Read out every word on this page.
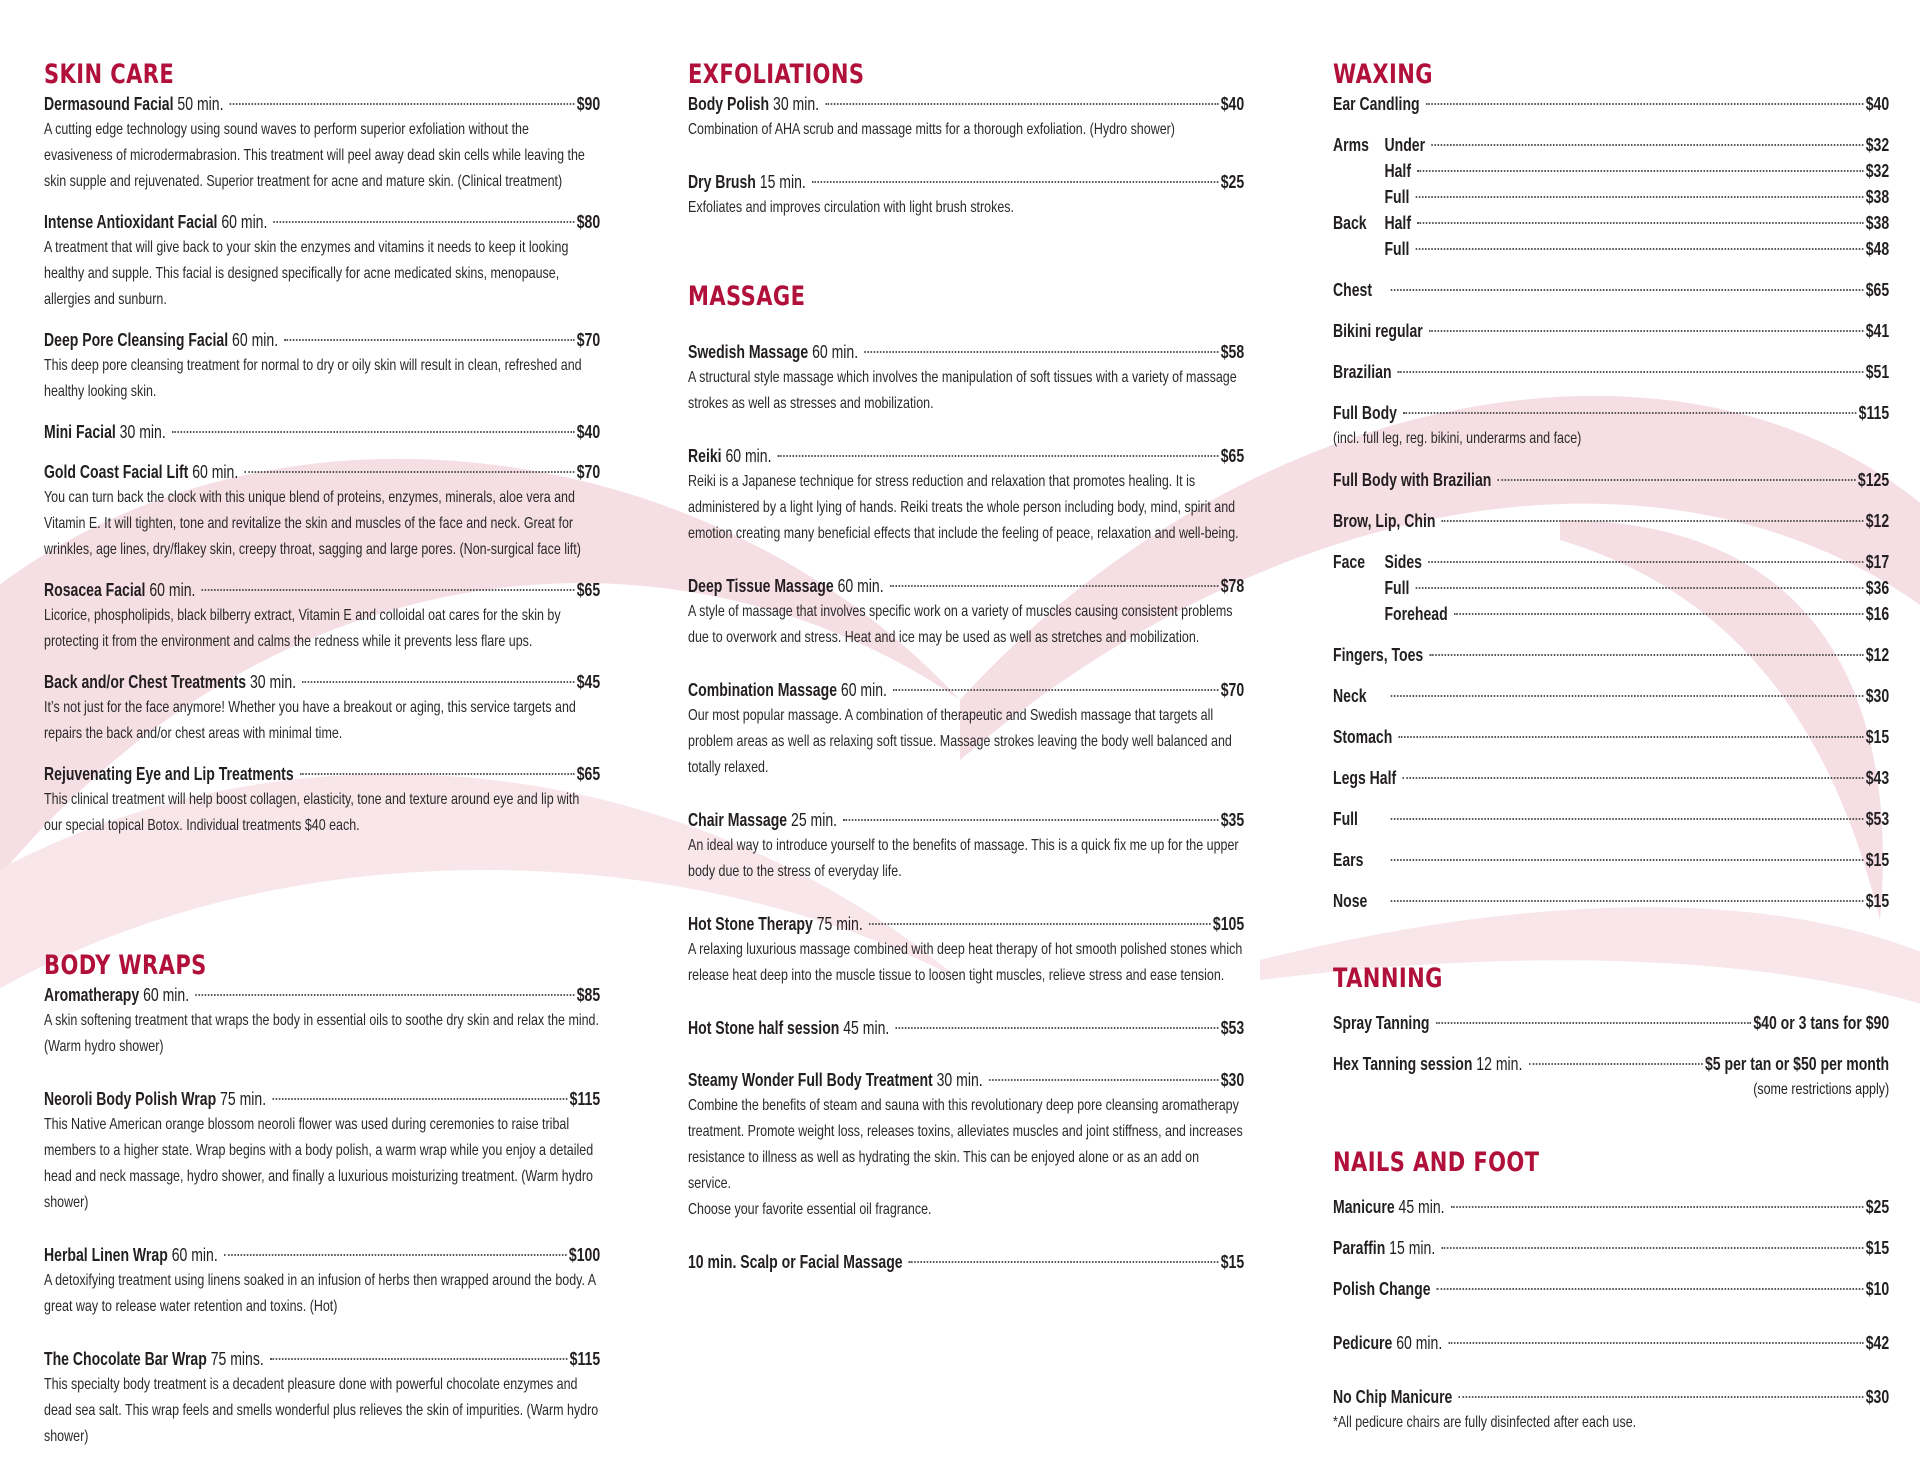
SKIN CARE
Dermasound Facial 50 min.	$90
A cutting edge technology using sound waves to perform superior exfoliation without the evasiveness of microdermabrasion. This treatment will peel away dead skin cells while leaving the skin supple and rejuvenated. Superior treatment for acne and mature skin. (Clinical treatment)
Intense Antioxidant Facial 60 min.	$80
A treatment that will give back to your skin the enzymes and vitamins it needs to keep it looking healthy and supple. This facial is designed specifically for acne medicated skins, menopause, allergies and sunburn.
Deep Pore Cleansing Facial 60 min.	$70
This deep pore cleansing treatment for normal to dry or oily skin will result in clean, refreshed and healthy looking skin.
Mini Facial 30 min.	$40
Gold Coast Facial Lift 60 min.	$70
You can turn back the clock with this unique blend of proteins, enzymes, minerals, aloe vera and Vitamin E. It will tighten, tone and revitalize the skin and muscles of the face and neck. Great for wrinkles, age lines, dry/flakey skin, creepy throat, sagging and large pores. (Non-surgical face lift)
Rosacea Facial 60 min.	$65
Licorice, phospholipids, black bilberry extract, Vitamin E and colloidal oat cares for the skin by protecting it from the environment and calms the redness while it prevents less flare ups.
Back and/or Chest Treatments 30 min.	$45
It’s not just for the face anymore! Whether you have a breakout or aging, this service targets and repairs the back and/or chest areas with minimal time.
Rejuvenating Eye and Lip Treatments	$65
This clinical treatment will help boost collagen, elasticity, tone and texture around eye and lip with our special topical Botox. Individual treatments $40 each.
BODY WRAPS
Aromatherapy 60 min.	$85
A skin softening treatment that wraps the body in essential oils to soothe dry skin and relax the mind. (Warm hydro shower)
Neoroli Body Polish Wrap 75 min.	$115
This Native American orange blossom neoroli flower was used during ceremonies to raise tribal members to a higher state. Wrap begins with a body polish, a warm wrap while you enjoy a detailed head and neck massage, hydro shower, and finally a luxurious moisturizing treatment. (Warm hydro shower)
Herbal Linen Wrap 60 min.	$100
A detoxifying treatment using linens soaked in an infusion of herbs then wrapped around the body. A great way to release water retention and toxins. (Hot)
The Chocolate Bar Wrap 75 mins.	$115
This specialty body treatment is a decadent pleasure done with powerful chocolate enzymes and dead sea salt. This wrap feels and smells wonderful plus relieves the skin of impurities. (Warm hydro shower)
EXFOLIATIONS
Body Polish 30 min.	$40
Combination of AHA scrub and massage mitts for a thorough exfoliation. (Hydro shower)
Dry Brush 15 min.	$25
Exfoliates and improves circulation with light brush strokes.
MASSAGE
Swedish Massage 60 min.	$58
A structural style massage which involves the manipulation of soft tissues with a variety of massage strokes as well as stresses and mobilization.
Reiki 60 min.	$65
Reiki is a Japanese technique for stress reduction and relaxation that promotes healing. It is administered by a light lying of hands. Reiki treats the whole person including body, mind, spirit and emotion creating many beneficial effects that include the feeling of peace, relaxation and well-being.
Deep Tissue Massage 60 min.	$78
A style of massage that involves specific work on a variety of muscles causing consistent problems due to overwork and stress. Heat and ice may be used as well as stretches and mobilization.
Combination Massage 60 min.	$70
Our most popular massage. A combination of therapeutic and Swedish massage that targets all problem areas as well as relaxing soft tissue. Massage strokes leaving the body well balanced and totally relaxed.
Chair Massage 25 min.	$35
An ideal way to introduce yourself to the benefits of massage. This is a quick fix me up for the upper body due to the stress of everyday life.
Hot Stone Therapy 75 min.	$105
A relaxing luxurious massage combined with deep heat therapy of hot smooth polished stones which release heat deep into the muscle tissue to loosen tight muscles, relieve stress and ease tension.
Hot Stone half session 45 min.	$53
Steamy Wonder Full Body Treatment 30 min.	$30
Combine the benefits of steam and sauna with this revolutionary deep pore cleansing aromatherapy treatment. Promote weight loss, releases toxins, alleviates muscles and joint stiffness, and increases resistance to illness as well as hydrating the skin. This can be enjoyed alone or as an add on service.
Choose your favorite essential oil fragrance.
10 min. Scalp or Facial Massage	$15
WAXING
Ear Candling	$40
Arms Under	$32
Half	$32
Full	$38
Back Half	$38
Full	$48
Chest	$65
Bikini regular	$41
Brazilian	$51
Full Body	$115
(incl. full leg, reg. bikini, underarms and face)
Full Body with Brazilian	$125
Brow, Lip, Chin	$12
Face	Sides	$17
Full	$36
Forehead	$16
Fingers, Toes	$12
Neck	$30
Stomach	$15
Legs Half	$43
Full	$53
Ears	$15
Nose	$15
TANNING
Spray Tanning	$40 or 3 tans for $90
Hex Tanning session 12 min.	$5 per tan or $50 per month
(some restrictions apply)
NAILS AND FOOT
Manicure 45 min.	$25
Paraffin 15 min.	$15
Polish Change	$10
Pedicure 60 min.	$42
No Chip Manicure	$30
*All pedicure chairs are fully disinfected after each use.
